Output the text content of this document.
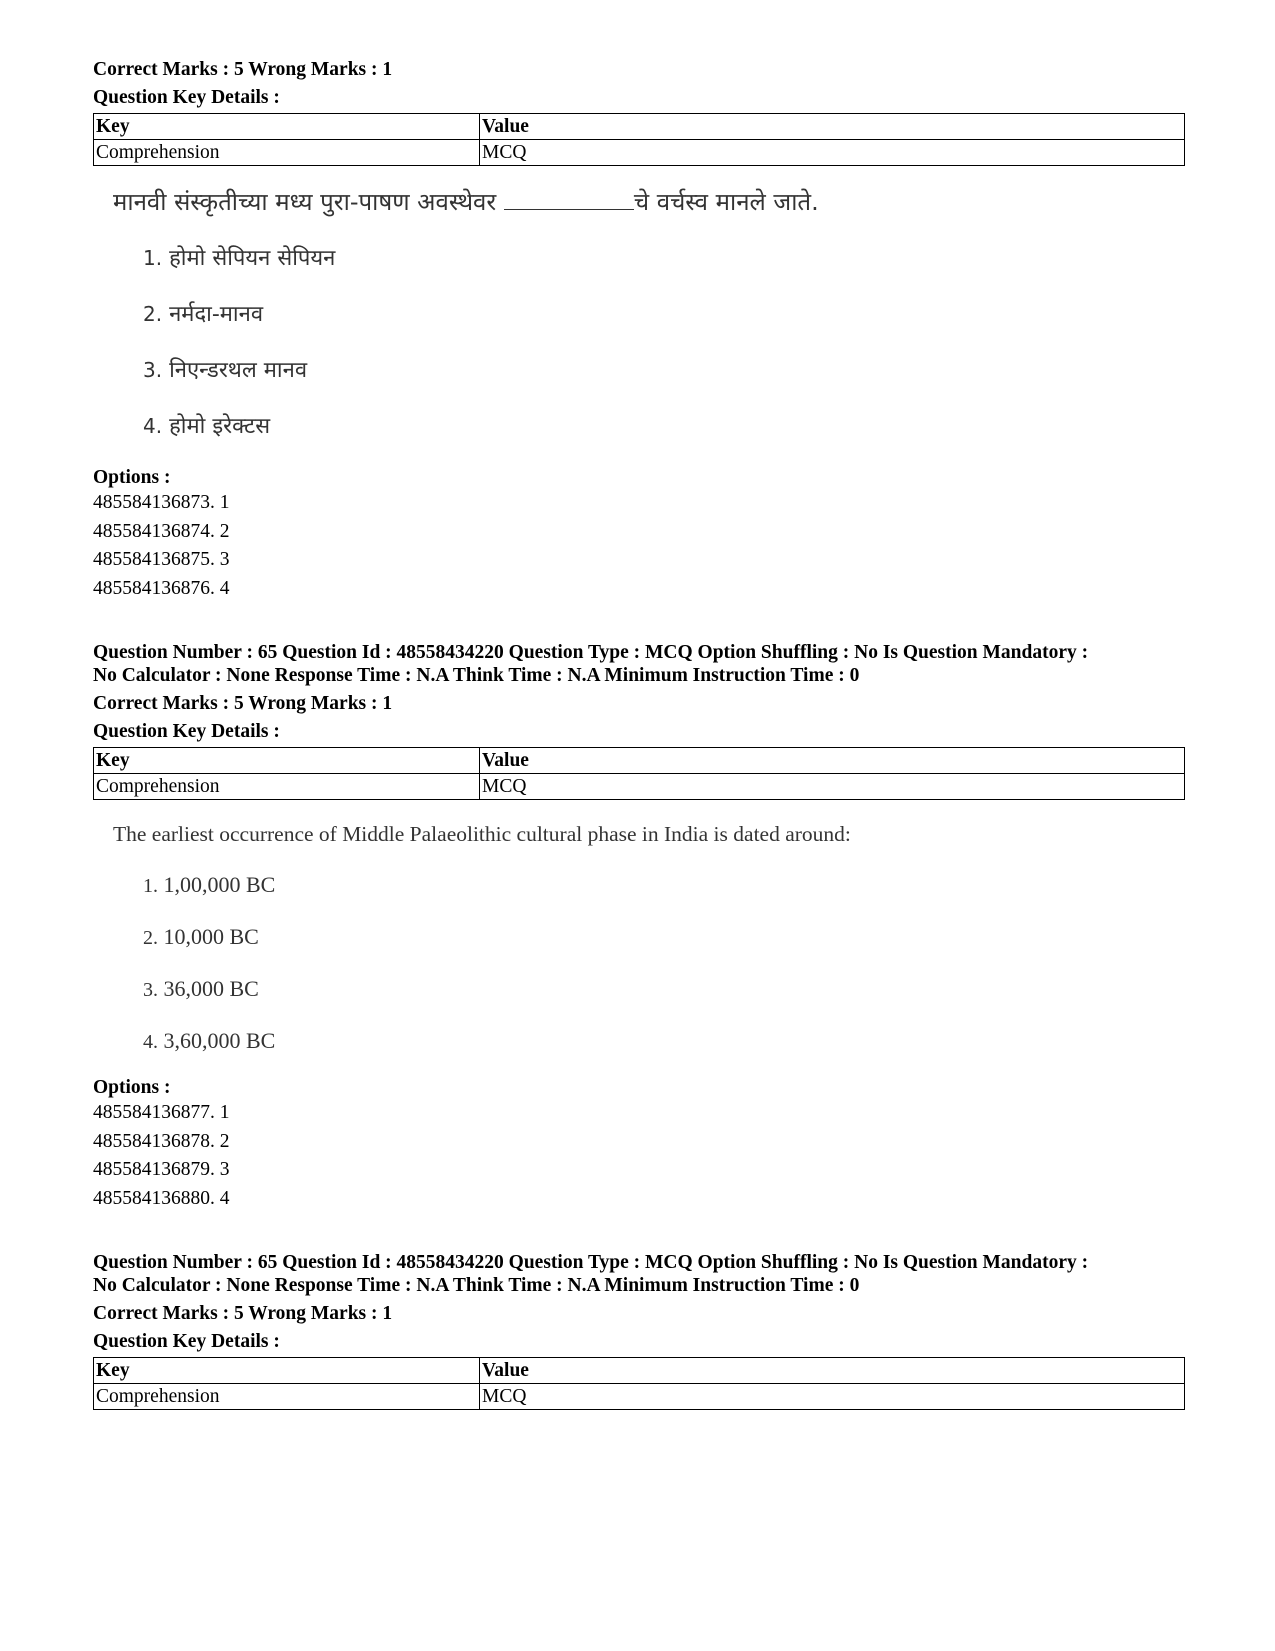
Correct Marks : 5 Wrong Marks : 1

Question Key Details :

Key	Value
Comprehension	MCQ

मानवी संस्कृतीच्या मध्य पुरा-पाषण अवस्थेवर	चे वर्चस्व मानले जाते.

1. होमो सेपियन सेपियन
2. नर्मदा-मानव
3. निएन्डरथल मानव
4. होमो इरेक्टस
Options :

485584136873. 1

485584136874. 2

485584136875. 3

485584136876. 4

Question Number : 65 Question Id : 48558434220 Question Type : MCQ Option Shuffling : No Is Question Mandatory :

No Calculator : None Response Time : N.A Think Time : N.A Minimum Instruction Time : 0

Correct Marks : 5 Wrong Marks : 1

Question Key Details :

Key	Value
Comprehension	MCQ

The earliest occurrence of Middle Palaeolithic cultural phase in India is dated around:

1. 1,00,000 BC
2. 10,000 BC
3. 36,000 BC
4. 3,60,000 BC
Options :

485584136877. 1

485584136878. 2

485584136879. 3

485584136880. 4

Question Number : 65 Question Id : 48558434220 Question Type : MCQ Option Shuffling : No Is Question Mandatory :

No Calculator : None Response Time : N.A Think Time : N.A Minimum Instruction Time : 0

Correct Marks : 5 Wrong Marks : 1

Question Key Details :

Key	Value
Comprehension	MCQ
